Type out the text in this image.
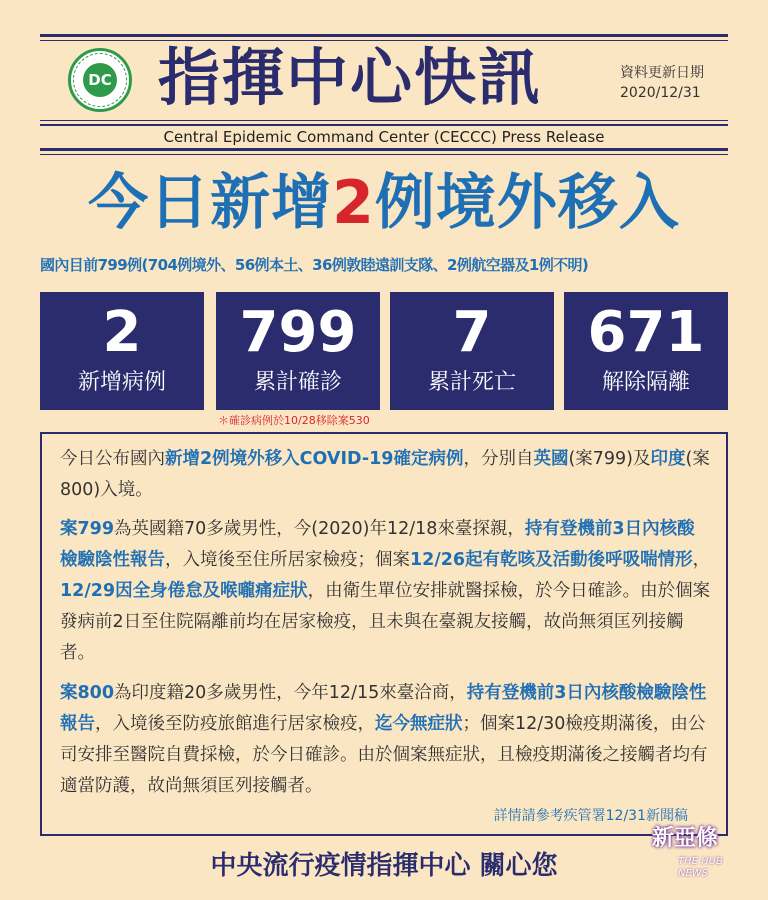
DC 指揮中心快訊	資料更新日期
2020/12/31
Central Epidemic Command Center (CECCC) Press Release
今日新增2例境外移入
國內目前799例(704例境外、56例本土、36例敦睦遠訓支隊、2例航空器及1例不明)
2
新增病例
799
累計確診
7
累計死亡
671
解除隔離
＊確診病例於10/28移除案530
今日公布國內新增2例境外移入COVID-19確定病例，分別自英國(案799)及印度(案800)入境。
案799為英國籍70多歲男性，今(2020)年12/18來臺探親，持有登機前3日內核酸檢驗陰性報告，入境後至住所居家檢疫；個案12/26起有乾咳及活動後呼吸喘情形，12/29因全身倦怠及喉嚨痛症狀，由衛生單位安排就醫採檢，於今日確診。由於個案發病前2日至住院隔離前均在居家檢疫，且未與在臺親友接觸，故尚無須匡列接觸者。
案800為印度籍20多歲男性，今年12/15來臺洽商，持有登機前3日內核酸檢驗陰性報告，入境後至防疫旅館進行居家檢疫，迄今無症狀；個案12/30檢疫期滿後，由公司安排至醫院自費採檢，於今日確診。由於個案無症狀，且檢疫期滿後之接觸者均有適當防護，故尚無須匡列接觸者。
詳情請參考疾管署12/31新聞稿
中央流行疫情指揮中心 關心您
新亞條
THE HUB NEWS
